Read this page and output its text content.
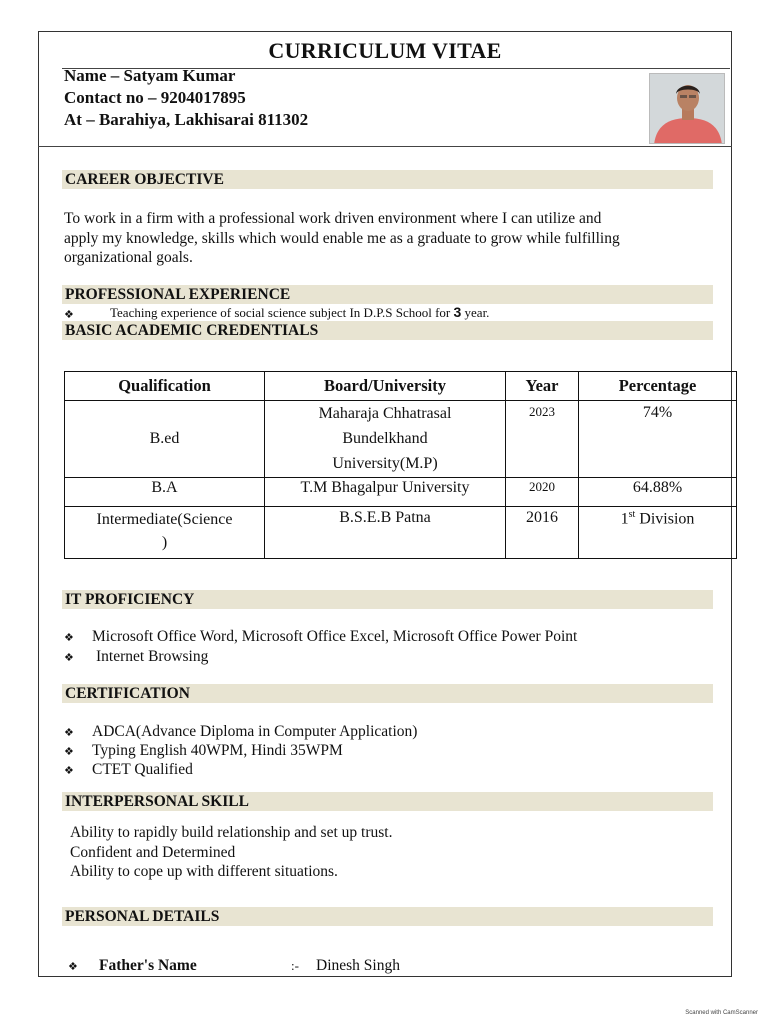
CURRICULUM VITAE
Name – Satyam Kumar
Contact no – 9204017895
At – Barahiya, Lakhisarai 811302
CAREER OBJECTIVE
To work in a firm with a professional work driven environment where I can utilize and
apply my knowledge, skills which would enable me as a graduate to grow while fulfilling
organizational goals.
PROFESSIONAL EXPERIENCE
❖	Teaching experience of social science subject In D.P.S School for 3 year.
BASIC ACADEMIC CREDENTIALS
Qualification	Board/University	Year	Percentage
B.ed	Maharaja Chhatrasal
Bundelkhand
University(M.P)	2023	74%
B.A	T.M Bhagalpur University	2020	64.88%

Intermediate(Science
)	B.S.E.B Patna	2016	1st Division
IT PROFICIENCY
❖ Microsoft Office Word, Microsoft Office Excel, Microsoft Office Power Point
❖ Internet Browsing
CERTIFICATION
❖ ADCA(Advance Diploma in Computer Application)
❖ Typing English 40WPM, Hindi 35WPM
❖ CTET Qualified
INTERPERSONAL SKILL
Ability to rapidly build relationship and set up trust.
Confident and Determined
Ability to cope up with different situations.
PERSONAL DETAILS
❖ Father's Name	:- Dinesh Singh
Scanned with CamScanner
